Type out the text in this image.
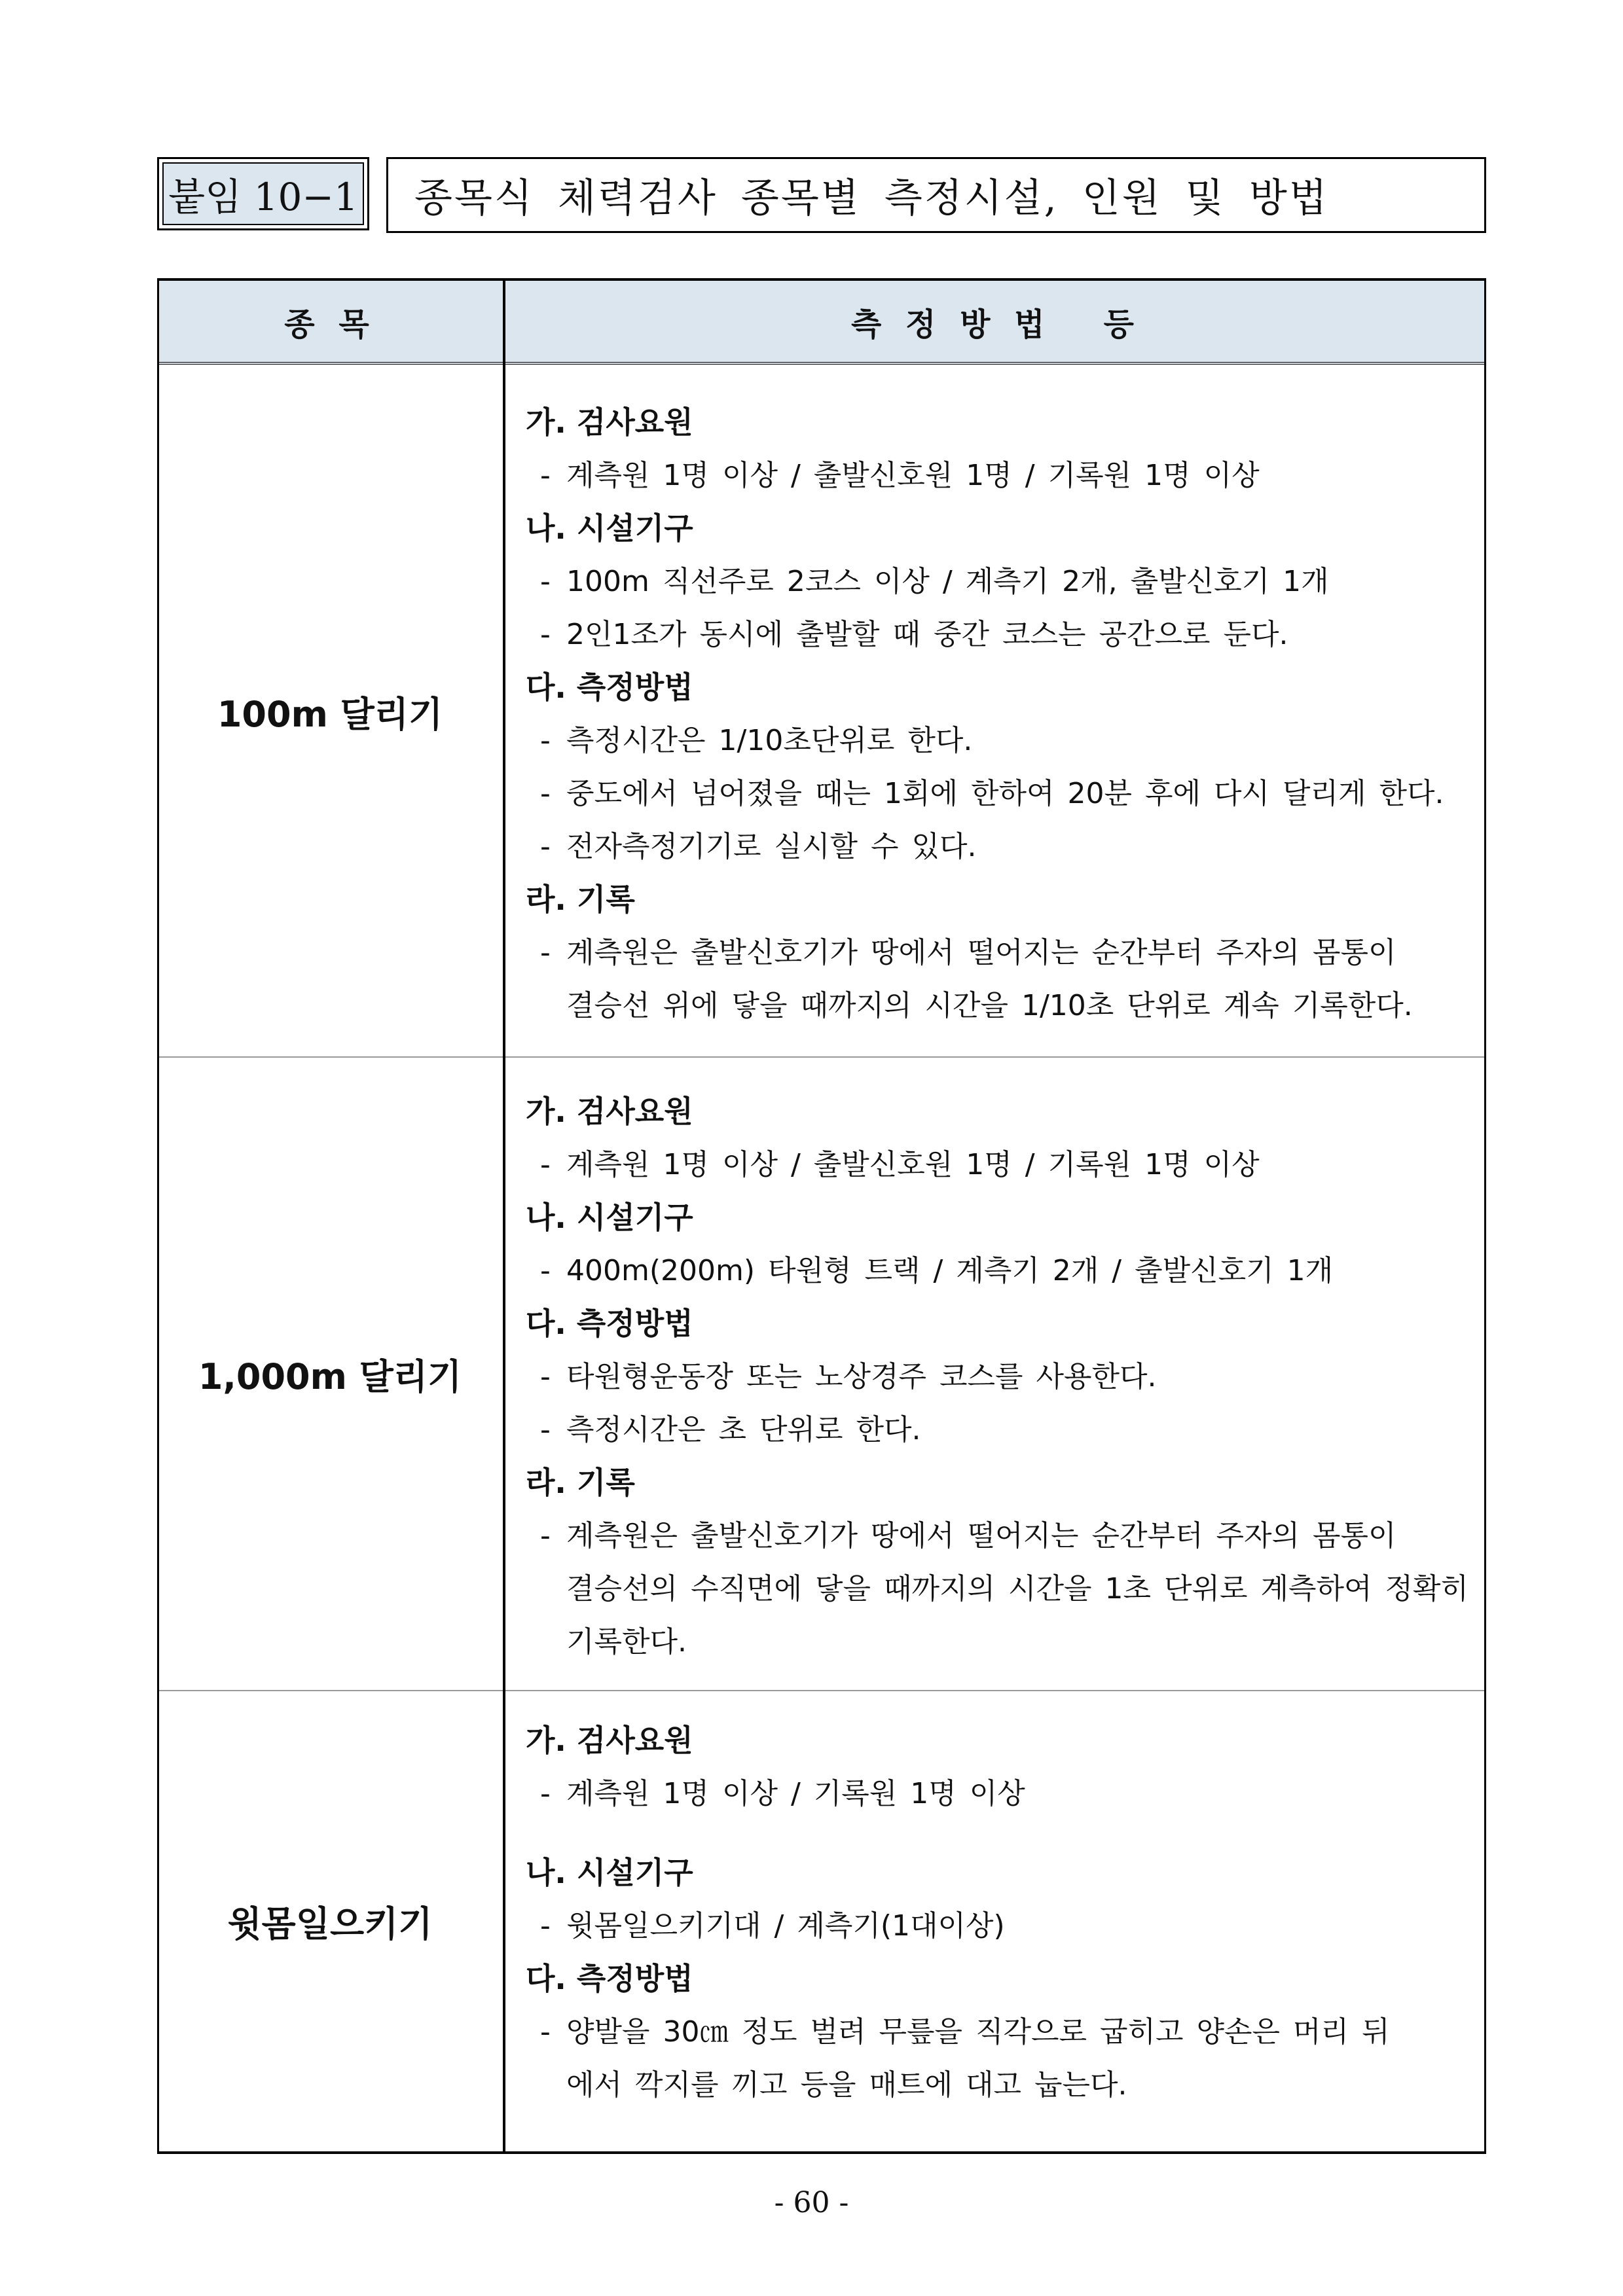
붙임 10−1	종목식 체력검사 종목별 측정시설, 인원 및 방법
종 목	측 정 방 법   등
100m 달리기
가. 검사요원
- 계측원 1명 이상 / 출발신호원 1명 / 기록원 1명 이상
나. 시설기구
- 100m 직선주로 2코스 이상 / 계측기 2개, 출발신호기 1개
- 2인1조가 동시에 출발할 때 중간 코스는 공간으로 둔다.
다. 측정방법
- 측정시간은 1/10초단위로 한다.
- 중도에서 넘어졌을 때는 1회에 한하여 20분 후에 다시 달리게 한다.
- 전자측정기기로 실시할 수 있다.
라. 기록
- 계측원은 출발신호기가 땅에서 떨어지는 순간부터 주자의 몸통이
결승선 위에 닿을 때까지의 시간을 1/10초 단위로 계속 기록한다.
1,000m 달리기
가. 검사요원
- 계측원 1명 이상 / 출발신호원 1명 / 기록원 1명 이상
나. 시설기구
- 400m(200m) 타원형 트랙 / 계측기 2개 / 출발신호기 1개
다. 측정방법
- 타원형운동장 또는 노상경주 코스를 사용한다.
- 측정시간은 초 단위로 한다.
라. 기록
- 계측원은 출발신호기가 땅에서 떨어지는 순간부터 주자의 몸통이
결승선의 수직면에 닿을 때까지의 시간을 1초 단위로 계측하여 정확히
기록한다.
윗몸일으키기
가. 검사요원
- 계측원 1명 이상 / 기록원 1명 이상
나. 시설기구
- 윗몸일으키기대 / 계측기(1대이상)
다. 측정방법
- 양발을 30㎝ 정도 벌려 무릎을 직각으로 굽히고 양손은 머리 뒤
에서 깍지를 끼고 등을 매트에 대고 눕는다.
- 60 -
